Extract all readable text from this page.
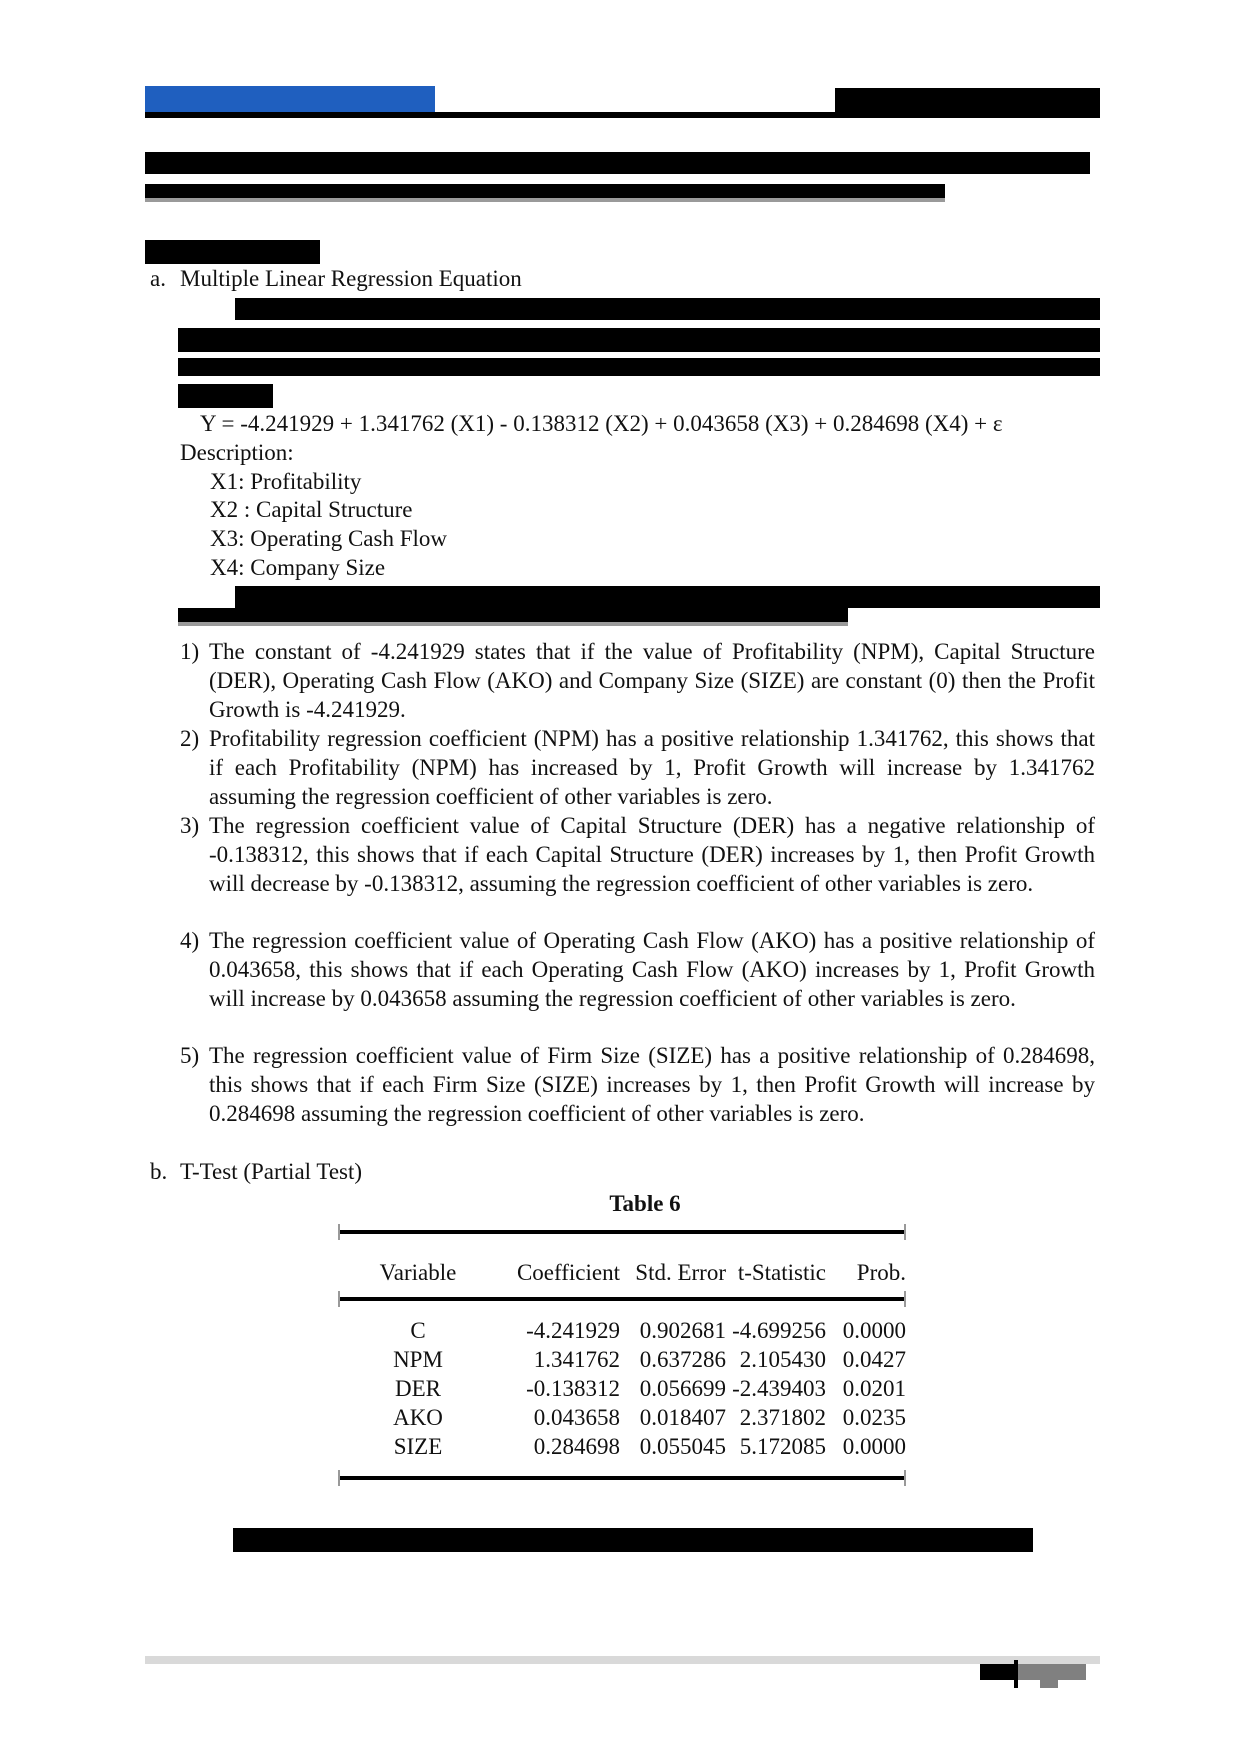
a. Multiple Linear Regression Equation
Y = -4.241929 + 1.341762 (X1) - 0.138312 (X2) + 0.043658 (X3) + 0.284698 (X4) + ε
Description:
X1: Profitability
X2 : Capital Structure
X3: Operating Cash Flow
X4: Company Size
1) The constant of -4.241929 states that if the value of Profitability (NPM), Capital Structure (DER), Operating Cash Flow (AKO) and Company Size (SIZE) are constant (0) then the Profit Growth is -4.241929.
2) Profitability regression coefficient (NPM) has a positive relationship 1.341762, this shows that if each Profitability (NPM) has increased by 1, Profit Growth will increase by 1.341762 assuming the regression coefficient of other variables is zero.
3) The regression coefficient value of Capital Structure (DER) has a negative relationship of -0.138312, this shows that if each Capital Structure (DER) increases by 1, then Profit Growth will decrease by -0.138312, assuming the regression coefficient of other variables is zero.
4) The regression coefficient value of Operating Cash Flow (AKO) has a positive relationship of 0.043658, this shows that if each Operating Cash Flow (AKO) increases by 1, Profit Growth will increase by 0.043658 assuming the regression coefficient of other variables is zero.
5) The regression coefficient value of Firm Size (SIZE) has a positive relationship of 0.284698, this shows that if each Firm Size (SIZE) increases by 1, then Profit Growth will increase by 0.284698 assuming the regression coefficient of other variables is zero.
b. T-Test (Partial Test)
Table 6
Variable	Coefficient	Std. Error	t-Statistic	Prob.
C	-4.241929	0.902681	-4.699256	0.0000
NPM	1.341762	0.637286	2.105430	0.0427
DER	-0.138312	0.056699	-2.439403	0.0201
AKO	0.043658	0.018407	2.371802	0.0235
SIZE	0.284698	0.055045	5.172085	0.0000
